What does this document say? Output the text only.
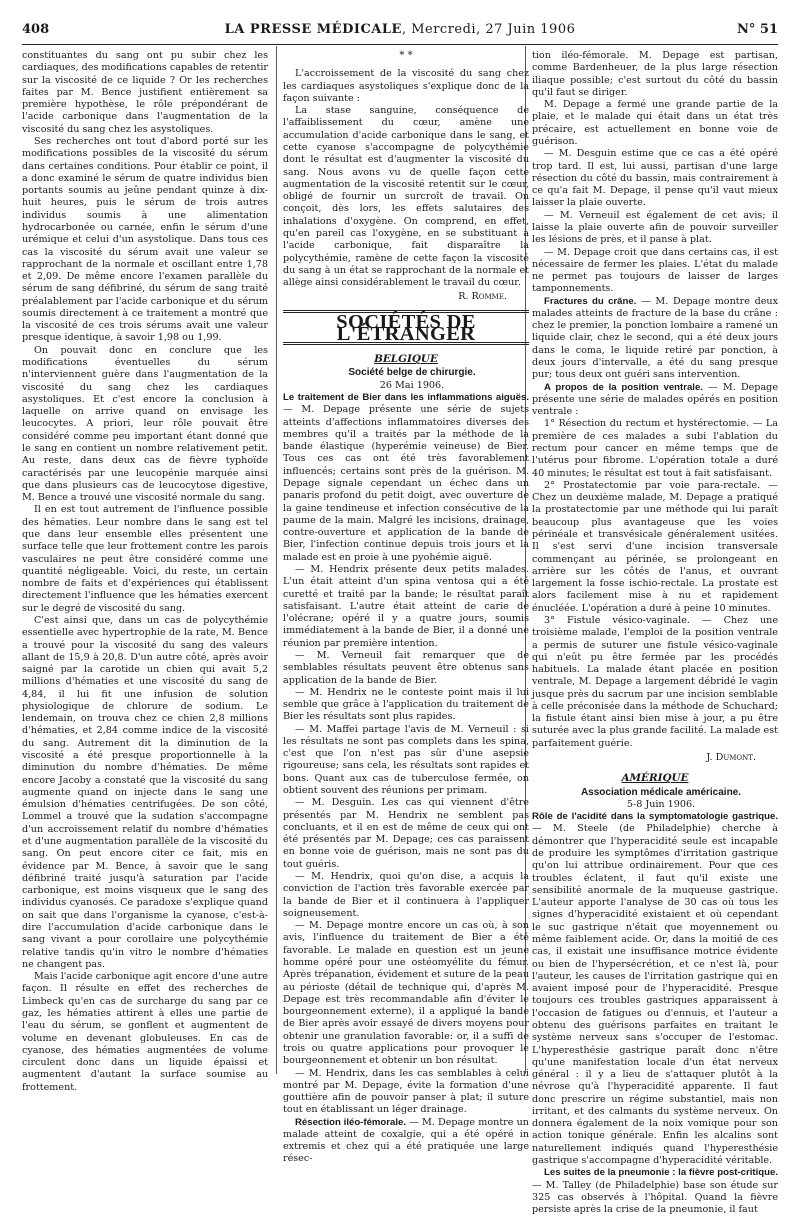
408	LA PRESSE MÉDICALE, Mercredi, 27 Juin 1906	N° 51

constituantes du sang ont pu subir chez les cardiaques, des modifications capables de retentir sur la viscosité de ce liquide ? Or les recherches faites par M. Bence justifient entièrement sa première hypothèse, le rôle prépondérant de l'acide carbonique dans l'augmentation de la viscosité du sang chez les asystoliques.

Ses recherches ont tout d'abord porté sur les modifications possibles de la viscosité du sérum dans certaines conditions. Pour établir ce point, il a donc examiné le sérum de quatre individus bien portants soumis au jeûne pendant quinze à dix-huit heures, puis le sérum de trois autres individus soumis à une alimentation hydrocarbonée ou carnée, enfin le sérum d'une urémique et celui d'un asystolique. Dans tous ces cas la viscosité du sérum avait une valeur se rapprochant de la normale et oscillant entre 1,78 et 2,09. De même encore l'examen parallèle du sérum de sang défibriné, du sérum de sang traité préalablement par l'acide carbonique et du sérum soumis directement à ce traitement a montré que la viscosité de ces trois sérums avait une valeur presque identique, à savoir 1,98 ou 1,99.

On pouvait donc en conclure que les modifications éventuelles du sérum n'interviennent guère dans l'augmentation de la viscosité du sang chez les cardiaques asystoliques. Et c'est encore la conclusion à laquelle on arrive quand on envisage les leucocytes. A priori, leur rôle pouvait être considéré comme peu important étant donné que le sang en contient un nombre relativement petit. Au reste, dans deux cas de fièvre typhoïde caractérisés par une leucopénie marquée ainsi que dans plusieurs cas de leucocytose digestive, M. Bence a trouvé une viscosité normale du sang.

Il en est tout autrement de l'influence possible des hématies. Leur nombre dans le sang est tel que dans leur ensemble elles présentent une surface telle que leur frottement contre les parois vasculaires ne peut être considéré comme une quantité négligeable. Voici, du reste, un certain nombre de faits et d'expériences qui établissent directement l'influence que les hématies exercent sur le degré de viscosité du sang.

C'est ainsi que, dans un cas de polycythémie essentielle avec hypertrophie de la rate, M. Bence a trouvé pour la viscosité du sang des valeurs allant de 15,9 à 20,8. D'un autre côté, après avoir saigné par la carotide un chien qui avait 5,2 millions d'hématies et une viscosité du sang de 4,84, il lui fit une infusion de solution physiologique de chlorure de sodium. Le lendemain, on trouva chez ce chien 2,8 millions d'hématies, et 2,84 comme indice de la viscosité du sang. Autrement dit la diminution de la viscosité a été presque proportionnelle à la diminution du nombre d'hématies. De même encore Jacoby a constaté que la viscosité du sang augmente quand on injecte dans le sang une émulsion d'hématies centrifugées. De son côté, Lommel a trouvé que la sudation s'accompagne d'un accroissement relatif du nombre d'hématies et d'une augmentation parallèle de la viscosité du sang. On peut encore citer ce fait, mis en évidence par M. Bence, à savoir que le sang défibriné traité jusqu'à saturation par l'acide carbonique, est moins visqueux que le sang des individus cyanosés. Ce paradoxe s'explique quand on sait que dans l'organisme la cyanose, c'est-à-dire l'accumulation d'acide carbonique dans le sang vivant a pour corollaire une polycythémie relative tandis qu'in vitro le nombre d'hématies ne changent pas.

Mais l'acide carbonique agit encore d'une autre façon. Il résulte en effet des recherches de Limbeck qu'en cas de surcharge du sang par ce gaz, les hématies attirent à elles une partie de l'eau du sérum, se gonflent et augmentent de volume en devenant globuleuses. En cas de cyanose, des hématies augmentées de volume circulent donc dans un liquide épaissi et augmentent d'autant la surface soumise au frottement.

* *

L'accroissement de la viscosité du sang chez les cardiaques asystoliques s'explique donc de la façon suivante :

La stase sanguine, conséquence de l'affaiblissement du cœur, amène une accumulation d'acide carbonique dans le sang, et cette cyanose s'accompagne de polycythémie dont le résultat est d'augmenter la viscosité du sang. Nous avons vu de quelle façon cette augmentation de la viscosité retentit sur le cœur, obligé de fournir un surcroît de travail. On conçoit, dès lors, les effets salutaires des inhalations d'oxygène. On comprend, en effet, qu'en pareil cas l'oxygène, en se substituant à l'acide carbonique, fait disparaître la polycythémie, ramène de cette façon la viscosité du sang à un état se rapprochant de la normale et allège ainsi considérablement le travail du cœur.

R. Romme.

SOCIÉTÉS DE L'ÉTRANGER
BELGIQUE

Société belge de chirurgie.

26 Mai 1906.

Le traitement de Bier dans les inflammations aiguës. — M. Depage présente une série de sujets atteints d'affections inflammatoires diverses des membres qu'il a traités par la méthode de la bande élastique (hyperémie veineuse) de Bier. Tous ces cas ont été très favorablement influencés; certains sont près de la guérison. M. Depage signale cependant un échec dans un panaris profond du petit doigt, avec ouverture de la gaine tendineuse et infection consécutive de la paume de la main. Malgré les incisions, drainage, contre-ouverture et application de la bande de Bier, l'infection continue depuis trois jours et la malade est en proie à une pyohémie aiguë.

— M. Hendrix présente deux petits malades. L'un était atteint d'un spina ventosa qui a été curetté et traité par la bande; le résultat paraît satisfaisant. L'autre était atteint de carie de l'olécrane; opéré il y a quatre jours, soumis immédiatement à la bande de Bier, il a donné une réunion par première intention.

— M. Verneuil fait remarquer que de semblables résultats peuvent être obtenus sans application de la bande de Bier.

— M. Hendrix ne le conteste point mais il lui semble que grâce à l'application du traitement de Bier les résultats sont plus rapides.

— M. Maffei partage l'avis de M. Verneuil : si les résultats ne sont pas complets dans les spina, c'est que l'on n'est pas sûr d'une asepsie rigoureuse; sans cela, les résultats sont rapides et bons. Quant aux cas de tuberculose fermée, on obtient souvent des réunions per primam.

— M. Desguin. Les cas qui viennent d'être présentés par M. Hendrix ne semblent pas concluants, et il en est de même de ceux qui ont été présentés par M. Depage; ces cas paraissent en bonne voie de guérison, mais ne sont pas du tout guéris.

— M. Hendrix, quoi qu'on dise, a acquis la conviction de l'action très favorable exercée par la bande de Bier et il continuera à l'appliquer soigneusement.

— M. Depage montre encore un cas où, à son avis, l'influence du traitement de Bier a été favorable. Le malade en question est un jeune homme opéré pour une ostéomyélite du fémur. Après trépanation, évidement et suture de la peau au périoste (détail de technique qui, d'après M. Depage est très recommandable afin d'éviter le bourgeonnement externe), il a appliqué la bande de Bier après avoir essayé de divers moyens pour obtenir une granulation favorable: or, il a suffi de trois ou quatre applications pour provoquer le bourgeonnement et obtenir un bon résultat.

— M. Hendrix, dans les cas semblables à celui montré par M. Depage, évite la formation d'une gouttière afin de pouvoir panser à plat; il suture tout en établissant un léger drainage.

Résection iléo-fémorale. — M. Depage montre un malade atteint de coxalgie, qui a été opéré in extremis et chez qui a été pratiquée une large résec-

tion iléo-fémorale. M. Depage est partisan, comme Bardenheuer, de la plus large résection iliaque possible; c'est surtout du côté du bassin qu'il faut se diriger.

M. Depage a fermé une grande partie de la plaie, et le malade qui était dans un état très précaire, est actuellement en bonne voie de guérison.

— M. Desguin estime que ce cas a été opéré trop tard. Il est, lui aussi, partisan d'une large résection du côté du bassin, mais contrairement à ce qu'a fait M. Depage, il pense qu'il vaut mieux laisser la plaie ouverte.

— M. Verneuil est également de cet avis; il laisse la plaie ouverte afin de pouvoir surveiller les lésions de près, et il panse à plat.

— M. Depage croit que dans certains cas, il est nécessaire de fermer les plaies. L'état du malade ne permet pas toujours de laisser de larges tamponnements.

Fractures du crâne. — M. Depage montre deux malades atteints de fracture de la base du crâne : chez le premier, la ponction lombaire a ramené un liquide clair, chez le second, qui a été deux jours dans le coma, le liquide retiré par ponction, à deux jours d'intervalle, a été du sang presque pur; tous deux ont guéri sans intervention.

A propos de la position ventrale. — M. Depage présente une série de malades opérés en position ventrale :

1° Résection du rectum et hystérectomie. — La première de ces malades a subi l'ablation du rectum pour cancer en même temps que de l'utérus pour fibrome. L'opération totale a duré 40 minutes; le résultat est tout à fait satisfaisant.

2° Prostatectomie par voie para-rectale. — Chez un deuxième malade, M. Depage a pratiqué la prostatectomie par une méthode qui lui paraît beaucoup plus avantageuse que les voies périnéale et transvésicale généralement usitées. Il s'est servi d'une incision transversale commençant au périnée, se prolongeant en arrière sur les côtés de l'anus, et ouvrant largement la fosse ischio-rectale. La prostate est alors facilement mise à nu et rapidement énucléée. L'opération a duré à peine 10 minutes.

3° Fistule vésico-vaginale. — Chez une troisième malade, l'emploi de la position ventrale a permis de suturer une fistule vésico-vaginale qui n'eût pu être fermée par les procédés habituels. La malade étant placée en position ventrale, M. Depage a largement débridé le vagin jusque près du sacrum par une incision semblable à celle préconisée dans la méthode de Schuchard; la fistule étant ainsi bien mise à jour, a pu être suturée avec la plus grande facilité. La malade est parfaitement guérie.

J. Dumont.

AMÉRIQUE

Association médicale américaine.

5-8 Juin 1906.

Rôle de l'acidité dans la symptomatologie gastrique. — M. Steele (de Philadelphie) cherche à démontrer que l'hyperacidité seule est incapable de produire les symptômes d'irritation gastrique qu'on lui attribue ordinairement. Pour que ces troubles éclatent, il faut qu'il existe une sensibilité anormale de la muqueuse gastrique. L'auteur apporte l'analyse de 30 cas où tous les signes d'hyperacidité existaient et où cependant le suc gastrique n'était que moyennement ou même faiblement acide. Or, dans la moitié de ces cas, il existait une insuffisance motrice évidente ou bien de l'hypersécrétion, et ce n'est là, pour l'auteur, les causes de l'irritation gastrique qui en avaient imposé pour de l'hyperacidité. Presque toujours ces troubles gastriques apparaissent à l'occasion de fatigues ou d'ennuis, et l'auteur a obtenu des guérisons parfaites en traitant le système nerveux sans s'occuper de l'estomac. L'hyperesthésie gastrique paraît donc n'être qu'une manifestation locale d'un état nerveux général : il y a lieu de s'attaquer plutôt à la névrose qu'à l'hyperacidité apparente. Il faut donc prescrire un régime substantiel, mais non irritant, et des calmants du système nerveux. On donnera également de la noix vomique pour son action tonique générale. Enfin les alcalins sont naturellement indiqués quand l'hyperesthésie gastrique s'accompagne d'hyperacidité véritable.

Les suites de la pneumonie : la fièvre post-critique. — M. Talley (de Philadelphie) base son étude sur 325 cas observés à l'hôpital. Quand la fièvre persiste après la crise de la pneumonie, il faut
